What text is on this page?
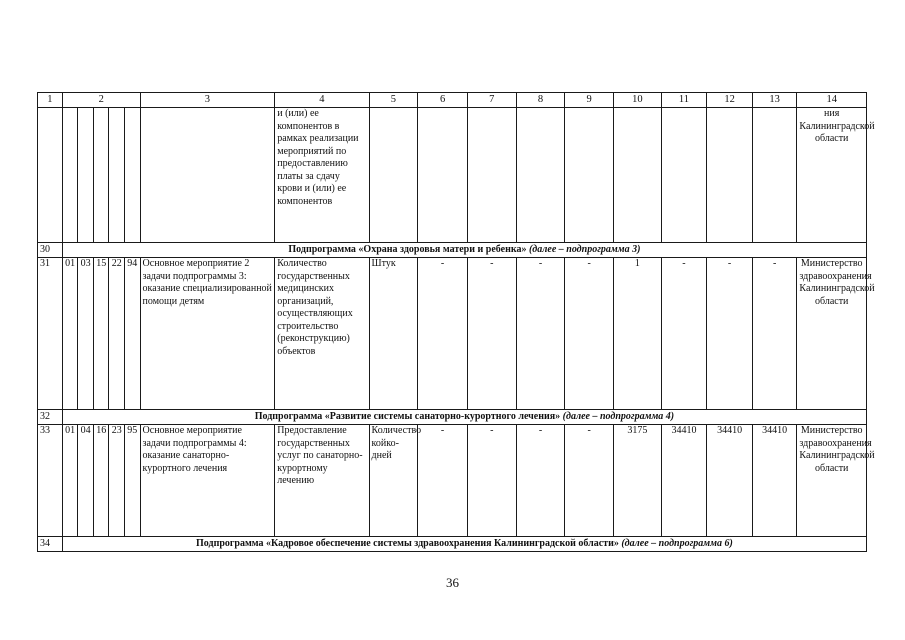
1	2					3	4	5	6	7	8	9	10	11	12	13	14
							и (или) ее компонентов в рамках реализации мероприятий по предоставлению платы за сдачу крови и (или) ее компонентов										ния Калининградской области
30	Подпрограмма «Охрана здоровья матери и ребенка» (далее – подпрограмма 3)																
31	01	03	15	22	94	Основное мероприятие 2 задачи подпрограммы 3: оказание специализированной помощи детям	Количество государственных медицинских организаций, осуществляющих строительство (реконструкцию) объектов	Штук	-	-	-	-	1	-	-	-	Министерство здравоохранения Калининградской области
32	Подпрограмма «Развитие системы санаторно-курортного лечения» (далее – подпрограмма 4)																
33	01	04	16	23	95	Основное мероприятие задачи подпрограммы 4: оказание санаторно-курортного лечения	Предоставление государственных услуг по санаторно-курортному лечению	Количество койко-дней	-	-	-	-	3175	34410	34410	34410	Министерство здравоохранения Калининградской области
34	Подпрограмма «Кадровое обеспечение системы здравоохранения Калининградской области» (далее – подпрограмма 6)																
36
